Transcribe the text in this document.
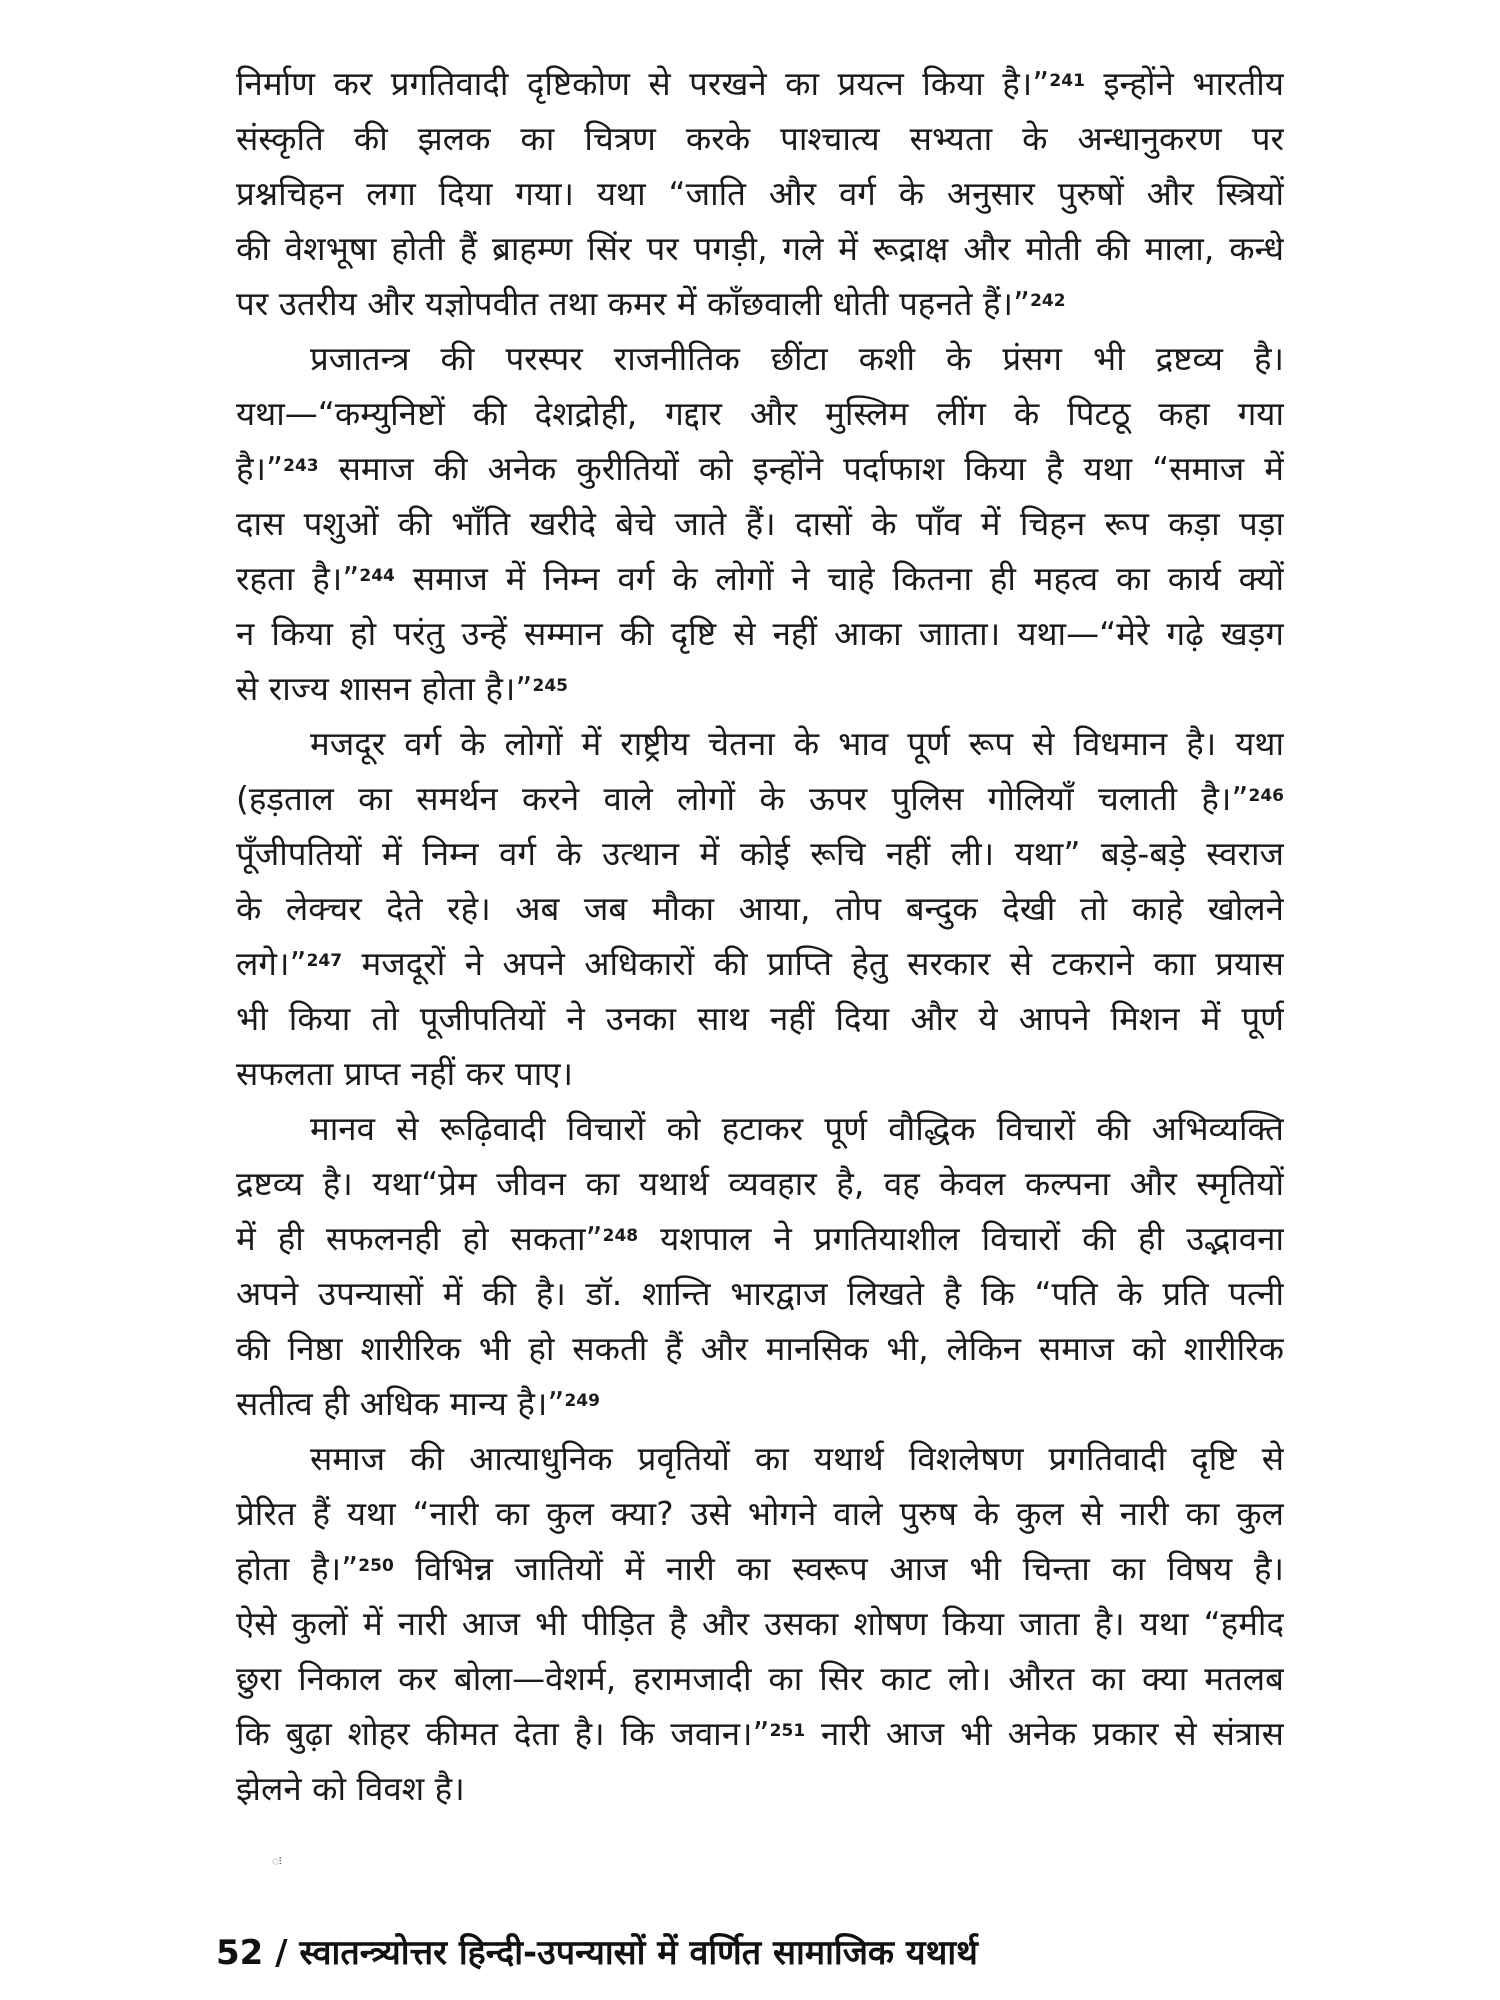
निर्माण कर प्रगतिवादी दृष्टिकोण से परखने का प्रयत्न किया है।”$^{241}$ इन्होंने भारतीय
संस्कृति की झलक का चित्रण करके पाश्चात्य सभ्यता के अन्धानुकरण पर
प्रश्नचिहन लगा दिया गया। यथा “जाति और वर्ग के अनुसार पुरुषों और स्त्रियों
की वेशभूषा होती हैं ब्राहम्ण सिंर पर पगड़ी, गले में रूद्राक्ष और मोती की माला, कन्धे
पर उतरीय और यज्ञोपवीत तथा कमर में काँछवाली धोती पहनते हैं।”$^{242}$
प्रजातन्त्र की परस्पर राजनीतिक छींटा कशी के प्रंसग भी द्रष्टव्य है।
यथा—“कम्युनिष्टों की देशद्रोही, गद्दार और मुस्लिम लींग के पिटठू कहा गया
है।”$^{243}$ समाज की अनेक कुरीतियों को इन्होंने पर्दाफाश किया है यथा “समाज में
दास पशुओं की भाँति खरीदे बेचे जाते हैं। दासों के पाँव में चिहन रूप कड़ा पड़ा
रहता है।”$^{244}$ समाज में निम्न वर्ग के लोगों ने चाहे कितना ही महत्व का कार्य क्यों
न किया हो परंतु उन्हें सम्मान की दृष्टि से नहीं आका जााता। यथा—“मेरे गढ़े खड़ग
से राज्य शासन होता है।”$^{245}$
मजदूर वर्ग के लोगों में राष्ट्रीय चेतना के भाव पूर्ण रूप से विधमान है। यथा
(हड़ताल का समर्थन करने वाले लोगों के ऊपर पुलिस गोलियाँ चलाती है।”$^{246}$
पूँजीपतियों में निम्न वर्ग के उत्थान में कोई रूचि नहीं ली। यथा” बड़े-बड़े स्वराज
के लेक्चर देते रहे। अब जब मौका आया, तोप बन्दुक देखी तो काहे खोलने
लगे।”$^{247}$ मजदूरों ने अपने अधिकारों की प्राप्ति हेतु सरकार से टकराने काा प्रयास
भी किया तो पूजीपतियों ने उनका साथ नहीं दिया और ये आपने मिशन में पूर्ण
सफलता प्राप्त नहीं कर पाए।
मानव से रूढ़िवादी विचारों को हटाकर पूर्ण वौद्धिक विचारों की अभिव्यक्ति
द्रष्टव्य है। यथा“प्रेम जीवन का यथार्थ व्यवहार है, वह केवल कल्पना और स्मृतियों
में ही सफलनही हो सकता”$^{248}$ यशपाल ने प्रगतियाशील विचारों की ही उद्भावना
अपने उपन्यासों में की है। डॉ. शान्ति भारद्वाज लिखते है कि “पति के प्रति पत्नी
की निष्ठा शारीरिक भी हो सकती हैं और मानसिक भी, लेकिन समाज को शारीरिक
सतीत्व ही अधिक मान्य है।”$^{249}$
समाज की आत्याधुनिक प्रवृतियों का यथार्थ विशलेषण प्रगतिवादी दृष्टि से
प्रेरित हैं यथा “नारी का कुल क्या? उसे भोगने वाले पुरुष के कुल से नारी का कुल
होता है।”$^{250}$ विभिन्न जातियों में नारी का स्वरूप आज भी चिन्ता का विषय है।
ऐसे कुलों में नारी आज भी पीड़ित है और उसका शोषण किया जाता है। यथा “हमीद
छुरा निकाल कर बोला—वेशर्म, हरामजादी का सिर काट लो। औरत का क्या मतलब
कि बुढ़ा शोहर कीमत देता है। कि जवान।”$^{251}$ नारी आज भी अनेक प्रकार से संत्रास
झेलने को विवश है।
ः
52 / स्वातन्त्र्योत्तर हिन्दी-उपन्यासों में वर्णित सामाजिक यथार्थ
